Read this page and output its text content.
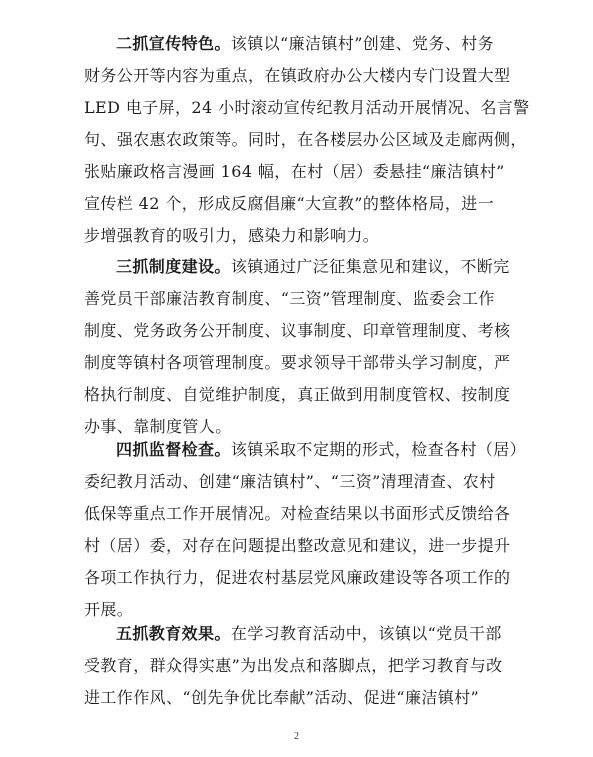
二抓宣传特色。该镇以“廉洁镇村”创建、党务、村务
财务公开等内容为重点，在镇政府办公大楼内专门设置大型
LED 电子屏，24 小时滚动宣传纪教月活动开展情况、名言警
句、强农惠农政策等。同时，在各楼层办公区域及走廊两侧，
张贴廉政格言漫画 164 幅，在村（居）委悬挂“廉洁镇村”
宣传栏 42 个，形成反腐倡廉“大宣教”的整体格局，进一
步增强教育的吸引力，感染力和影响力。

三抓制度建设。该镇通过广泛征集意见和建议，不断完
善党员干部廉洁教育制度、“三资”管理制度、监委会工作
制度、党务政务公开制度、议事制度、印章管理制度、考核
制度等镇村各项管理制度。要求领导干部带头学习制度，严
格执行制度、自觉维护制度，真正做到用制度管权、按制度
办事、靠制度管人。

四抓监督检查。该镇采取不定期的形式，检查各村（居）
委纪教月活动、创建“廉洁镇村”、“三资”清理清查、农村
低保等重点工作开展情况。对检查结果以书面形式反馈给各
村（居）委，对存在问题提出整改意见和建议，进一步提升
各项工作执行力，促进农村基层党风廉政建设等各项工作的
开展。

五抓教育效果。在学习教育活动中，该镇以“党员干部
受教育，群众得实惠”为出发点和落脚点，把学习教育与改
进工作作风、“创先争优比奉献”活动、促进“廉洁镇村”

2
